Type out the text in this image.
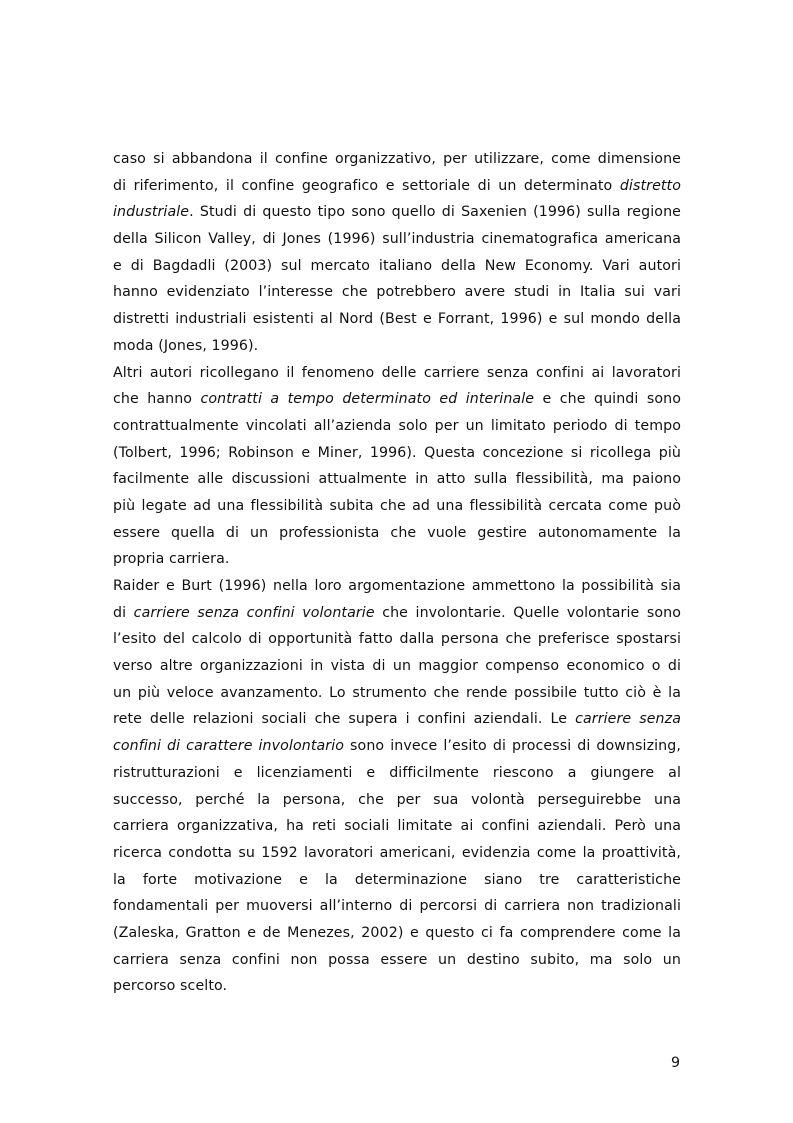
caso si abbandona il confine organizzativo, per utilizzare, come dimensione
di riferimento, il confine geografico e settoriale di un determinato distretto
industriale. Studi di questo tipo sono quello di Saxenien (1996) sulla regione
della Silicon Valley, di Jones (1996) sull’industria cinematografica americana
e di Bagdadli (2003) sul mercato italiano della New Economy. Vari autori
hanno evidenziato l’interesse che potrebbero avere studi in Italia sui vari
distretti industriali esistenti al Nord (Best e Forrant, 1996) e sul mondo della
moda (Jones, 1996).
Altri autori ricollegano il fenomeno delle carriere senza confini ai lavoratori
che hanno contratti a tempo determinato ed interinale e che quindi sono
contrattualmente vincolati all’azienda solo per un limitato periodo di tempo
(Tolbert, 1996; Robinson e Miner, 1996). Questa concezione si ricollega più
facilmente alle discussioni attualmente in atto sulla flessibilità, ma paiono
più legate ad una flessibilità subita che ad una flessibilità cercata come può
essere quella di un professionista che vuole gestire autonomamente la
propria carriera.
Raider e Burt (1996) nella loro argomentazione ammettono la possibilità sia
di carriere senza confini volontarie che involontarie. Quelle volontarie sono
l’esito del calcolo di opportunità fatto dalla persona che preferisce spostarsi
verso altre organizzazioni in vista di un maggior compenso economico o di
un più veloce avanzamento. Lo strumento che rende possibile tutto ciò è la
rete delle relazioni sociali che supera i confini aziendali. Le carriere senza
confini di carattere involontario sono invece l’esito di processi di downsizing,
ristrutturazioni e licenziamenti e difficilmente riescono a giungere al
successo, perché la persona, che per sua volontà perseguirebbe una
carriera organizzativa, ha reti sociali limitate ai confini aziendali. Però una
ricerca condotta su 1592 lavoratori americani, evidenzia come la proattività,
la forte motivazione e la determinazione siano tre caratteristiche
fondamentali per muoversi all’interno di percorsi di carriera non tradizionali
(Zaleska, Gratton e de Menezes, 2002) e questo ci fa comprendere come la
carriera senza confini non possa essere un destino subito, ma solo un
percorso scelto.
9
